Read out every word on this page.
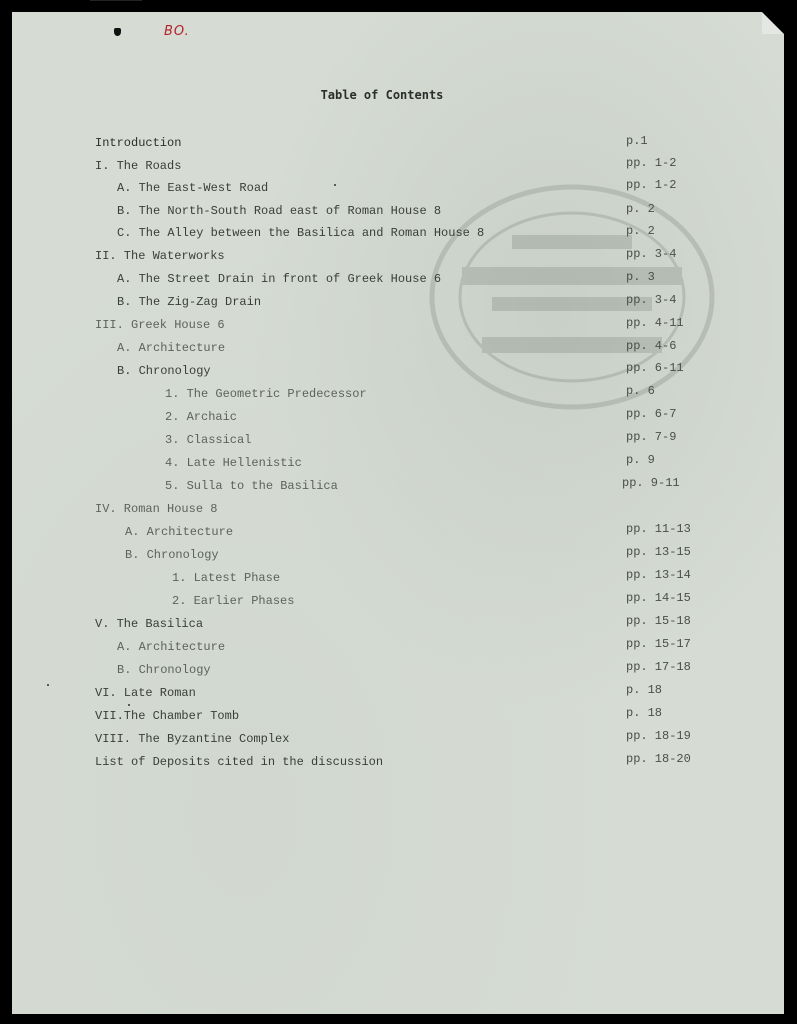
BO.
Table of Contents
Introduction	p.1
I. The Roads	pp. 1-2
A. The East-West Road	pp. 1-2
B. The North-South Road east of Roman House 8	p. 2
C. The Alley between the Basilica and Roman House 8	p. 2
II. The Waterworks	pp. 3-4
A. The Street Drain in front of Greek House 6	p. 3
B. The Zig-Zag Drain	pp. 3-4
III. Greek House 6	pp. 4-11
A. Architecture	pp. 4-6
B. Chronology	pp. 6-11
1. The Geometric Predecessor	p. 6
2. Archaic	pp. 6-7
3. Classical	pp. 7-9
4. Late Hellenistic	p. 9
5. Sulla to the Basilica	pp. 9-11
IV. Roman House 8
A. Architecture	pp. 11-13
B. Chronology	pp. 13-15
1. Latest Phase	pp. 13-14
2. Earlier Phases	pp. 14-15
V. The Basilica	pp. 15-18
A. Architecture	pp. 15-17
B. Chronology	pp. 17-18
VI. Late Roman	p. 18
VII.The Chamber Tomb	p. 18
VIII. The Byzantine Complex	pp. 18-19
List of Deposits cited in the discussion	pp. 18-20
